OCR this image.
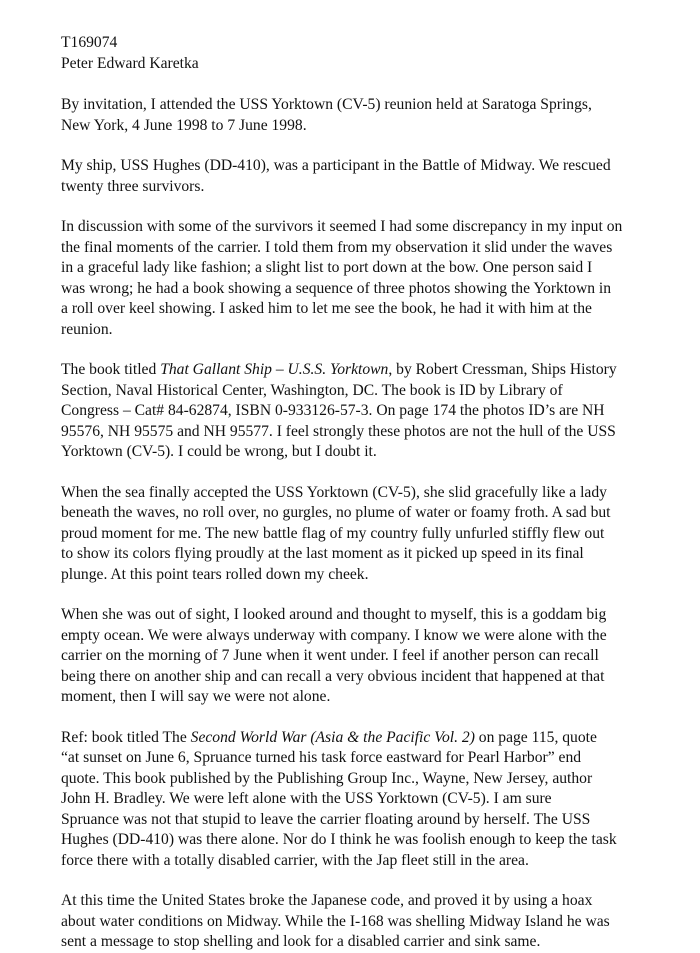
T169074
Peter Edward Karetka

By invitation, I attended the USS Yorktown (CV-5) reunion held at Saratoga Springs,
New York, 4 June 1998 to 7 June 1998.

My ship, USS Hughes (DD-410), was a participant in the Battle of Midway. We rescued
twenty three survivors.

In discussion with some of the survivors it seemed I had some discrepancy in my input on
the final moments of the carrier. I told them from my observation it slid under the waves
in a graceful lady like fashion; a slight list to port down at the bow. One person said I
was wrong; he had a book showing a sequence of three photos showing the Yorktown in
a roll over keel showing. I asked him to let me see the book, he had it with him at the
reunion.

The book titled That Gallant Ship – U.S.S. Yorktown, by Robert Cressman, Ships History
Section, Naval Historical Center, Washington, DC. The book is ID by Library of
Congress – Cat# 84-62874, ISBN 0-933126-57-3. On page 174 the photos ID’s are NH
95576, NH 95575 and NH 95577. I feel strongly these photos are not the hull of the USS
Yorktown (CV-5). I could be wrong, but I doubt it.

When the sea finally accepted the USS Yorktown (CV-5), she slid gracefully like a lady
beneath the waves, no roll over, no gurgles, no plume of water or foamy froth. A sad but
proud moment for me. The new battle flag of my country fully unfurled stiffly flew out
to show its colors flying proudly at the last moment as it picked up speed in its final
plunge. At this point tears rolled down my cheek.

When she was out of sight, I looked around and thought to myself, this is a goddam big
empty ocean. We were always underway with company. I know we were alone with the
carrier on the morning of 7 June when it went under. I feel if another person can recall
being there on another ship and can recall a very obvious incident that happened at that
moment, then I will say we were not alone.

Ref: book titled The Second World War (Asia & the Pacific Vol. 2) on page 115, quote
“at sunset on June 6, Spruance turned his task force eastward for Pearl Harbor” end
quote. This book published by the Publishing Group Inc., Wayne, New Jersey, author
John H. Bradley. We were left alone with the USS Yorktown (CV-5). I am sure
Spruance was not that stupid to leave the carrier floating around by herself. The USS
Hughes (DD-410) was there alone. Nor do I think he was foolish enough to keep the task
force there with a totally disabled carrier, with the Jap fleet still in the area.

At this time the United States broke the Japanese code, and proved it by using a hoax
about water conditions on Midway. While the I-168 was shelling Midway Island he was
sent a message to stop shelling and look for a disabled carrier and sink same.
